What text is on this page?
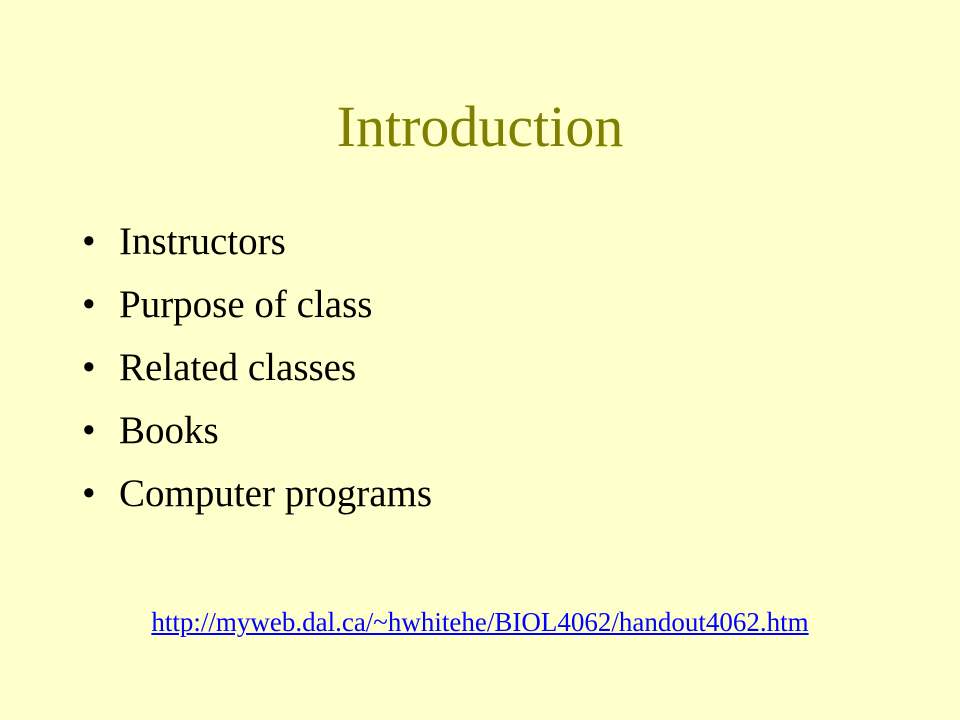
Introduction
• Instructors
• Purpose of class
• Related classes
• Books
• Computer programs
http://myweb.dal.ca/~hwhitehe/BIOL4062/handout4062.htm
